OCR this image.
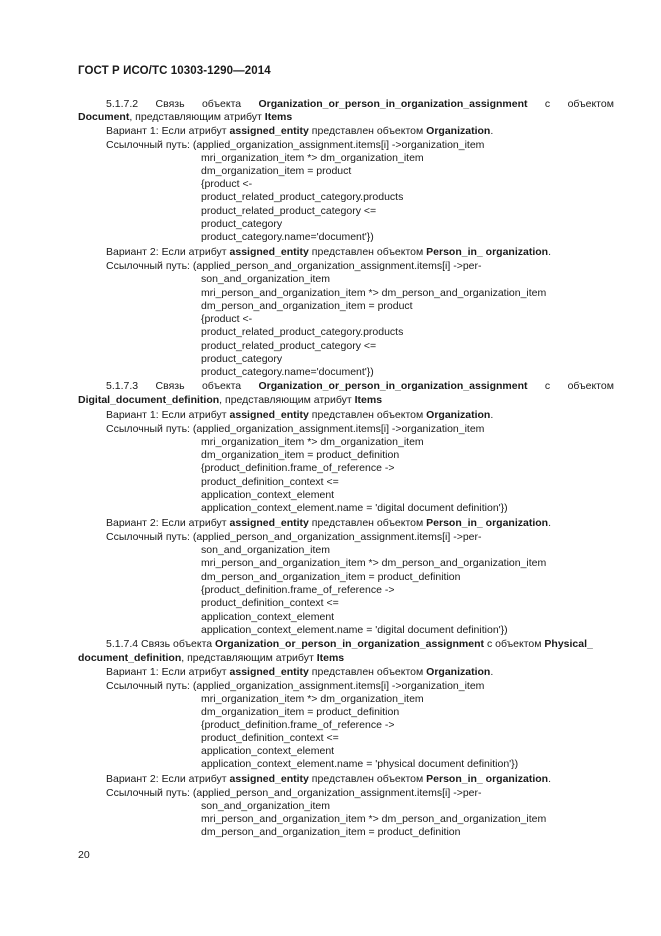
ГОСТ Р ИСО/ТС 10303-1290—2014
5.1.7.2 Связь объекта Organization_or_person_in_organization_assignment с объектом
Document, представляющим атрибут Items
Вариант 1: Если атрибут assigned_entity представлен объектом Organization.
Ссылочный путь: (applied_organization_assignment.items[i] ->organization_item
mri_organization_item *> dm_organization_item
dm_organization_item = product
{product <-
product_related_product_category.products
product_related_product_category <=
product_category
product_category.name='document'})
Вариант 2: Если атрибут assigned_entity представлен объектом Person_in_ organization.
Ссылочный путь: (applied_person_and_organization_assignment.items[i] ->per-
son_and_organization_item
mri_person_and_organization_item *> dm_person_and_organization_item
dm_person_and_organization_item = product
{product <-
product_related_product_category.products
product_related_product_category <=
product_category
product_category.name='document'})
5.1.7.3 Связь объекта Organization_or_person_in_organization_assignment с объектом
Digital_document_definition, представляющим атрибут Items
Вариант 1: Если атрибут assigned_entity представлен объектом Organization.
Ссылочный путь: (applied_organization_assignment.items[i] ->organization_item
mri_organization_item *> dm_organization_item
dm_organization_item = product_definition
{product_definition.frame_of_reference ->
product_definition_context <=
application_context_element
application_context_element.name = 'digital document definition'})
Вариант 2: Если атрибут assigned_entity представлен объектом Person_in_ organization.
Ссылочный путь: (applied_person_and_organization_assignment.items[i] ->per-
son_and_organization_item
mri_person_and_organization_item *> dm_person_and_organization_item
dm_person_and_organization_item = product_definition
{product_definition.frame_of_reference ->
product_definition_context <=
application_context_element
application_context_element.name = 'digital document definition'})
5.1.7.4 Связь объекта Organization_or_person_in_organization_assignment с объектом Physical_
document_definition, представляющим атрибут Items
Вариант 1: Если атрибут assigned_entity представлен объектом Organization.
Ссылочный путь: (applied_organization_assignment.items[i] ->organization_item
mri_organization_item *> dm_organization_item
dm_organization_item = product_definition
{product_definition.frame_of_reference ->
product_definition_context <=
application_context_element
application_context_element.name = 'physical document definition'})
Вариант 2: Если атрибут assigned_entity представлен объектом Person_in_ organization.
Ссылочный путь: (applied_person_and_organization_assignment.items[i] ->per-
son_and_organization_item
mri_person_and_organization_item *> dm_person_and_organization_item
dm_person_and_organization_item = product_definition
20
